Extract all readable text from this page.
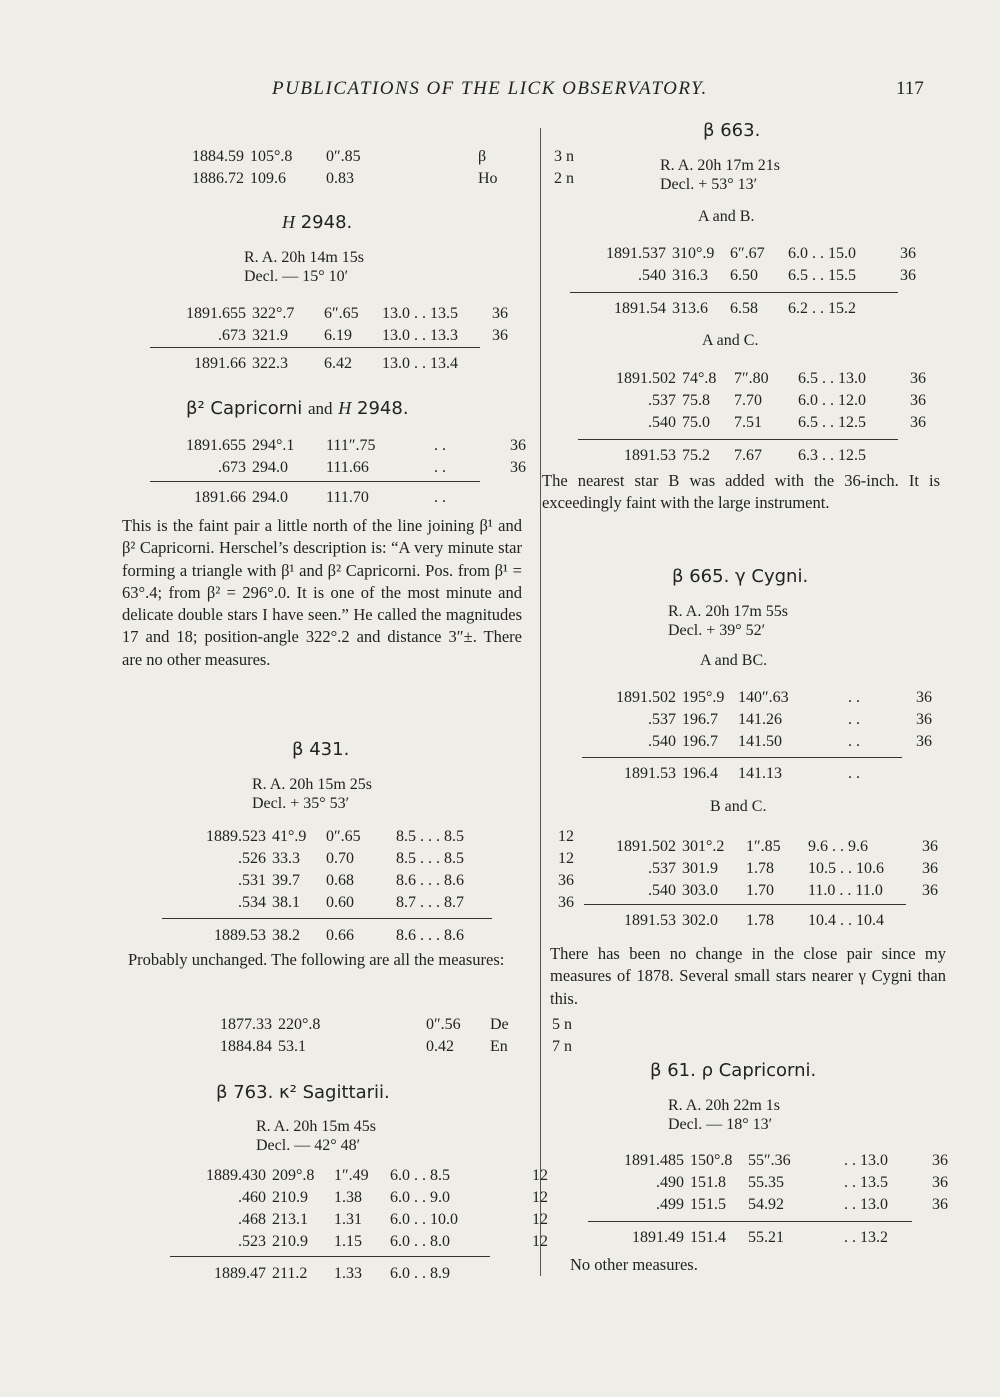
PUBLICATIONS OF THE LICK OBSERVATORY.	117
1884.59	105°.8	0″.85	β	3 n
1886.72	109.6	0.83	Ho	2 n
H 2948.
R. A. 20h 14m 15s
Decl. — 15° 10′
1891.655	322°.7	6″.65	13.0 . . 13.5	36
.673	321.9	6.19	13.0 . . 13.3	36
1891.66	322.3	6.42	13.0 . . 13.4	
β² Capricorni and H 2948.
1891.655	294°.1	111″.75	. .	36
.673	294.0	111.66	. .	36
1891.66	294.0	111.70	. .	
This is the faint pair a little north of the line joining β¹ and β² Capricorni. Herschel’s description is: “A very minute star forming a triangle with β¹ and β² Capricorni. Pos. from β¹ = 63°.4; from β² = 296°.0. It is one of the most minute and delicate double stars I have seen.” He called the magnitudes 17 and 18; position-angle 322°.2 and distance 3″±. There are no other measures.
β 431.
R. A. 20h 15m 25s
Decl. + 35° 53′
1889.523	41°.9	0″.65	8.5 . . . 8.5	12
.526	33.3	0.70	8.5 . . . 8.5	12
.531	39.7	0.68	8.6 . . . 8.6	36
.534	38.1	0.60	8.7 . . . 8.7	36
1889.53	38.2	0.66	8.6 . . . 8.6	
Probably unchanged. The following are all the measures:
1877.33	220°.8	0″.56	De	5 n
1884.84	53.1	0.42	En	7 n
β 763. κ² Sagittarii.
R. A. 20h 15m 45s
Decl. — 42° 48′
1889.430	209°.8	1″.49	6.0 . . 8.5	12
.460	210.9	1.38	6.0 . . 9.0	12
.468	213.1	1.31	6.0 . . 10.0	12
.523	210.9	1.15	6.0 . . 8.0	12
1889.47	211.2	1.33	6.0 . . 8.9	
β 663.
R. A. 20h 17m 21s
Decl. + 53° 13′
A and B.
1891.537	310°.9	6″.67	6.0 . . 15.0	36
.540	316.3	6.50	6.5 . . 15.5	36
1891.54	313.6	6.58	6.2 . . 15.2	
A and C.
1891.502	74°.8	7″.80	6.5 . . 13.0	36
.537	75.8	7.70	6.0 . . 12.0	36
.540	75.0	7.51	6.5 . . 12.5	36
1891.53	75.2	7.67	6.3 . . 12.5	
The nearest star B was added with the 36-inch. It is exceedingly faint with the large instrument.
β 665. γ Cygni.
R. A. 20h 17m 55s
Decl. + 39° 52′
A and BC.
1891.502	195°.9	140″.63	. .	36
.537	196.7	141.26	. .	36
.540	196.7	141.50	. .	36
1891.53	196.4	141.13	. .	
B and C.
1891.502	301°.2	1″.85	9.6 . . 9.6	36
.537	301.9	1.78	10.5 . . 10.6	36
.540	303.0	1.70	11.0 . . 11.0	36
1891.53	302.0	1.78	10.4 . . 10.4	
There has been no change in the close pair since my measures of 1878. Several small stars nearer γ Cygni than this.
β 61. ρ Capricorni.
R. A. 20h 22m 1s
Decl. — 18° 13′
1891.485	150°.8	55″.36	. . 13.0	36
.490	151.8	55.35	. . 13.5	36
.499	151.5	54.92	. . 13.0	36
1891.49	151.4	55.21	. . 13.2	
No other measures.
